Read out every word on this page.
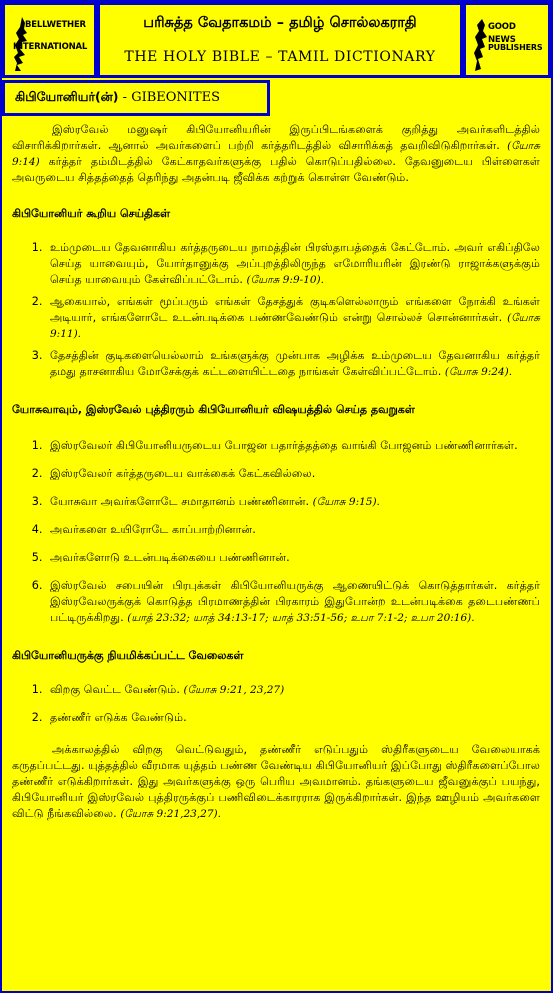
BELLWETHER
INTERNATIONAL
பரிசுத்த வேதாகமம் – தமிழ் சொல்லகராதி
THE HOLY BIBLE – TAMIL DICTIONARY
GOOD NEWS
PUBLISHERS
கிபியோனியர்(ன்) - GIBEONITES

இஸ்ரவேல் மனுஷர் கிபியோனியரின் இருப்பிடங்களைக் குறித்து அவர்களிடத்தில் விசாரிக்கிறார்கள். ஆனால் அவர்களைப் பற்றி கர்த்தரிடத்தில் விசாரிக்கத் தவறிவிடுகிறார்கள். (யோசு 9:14) கர்த்தர் தம்மிடத்தில் கேட்காதவர்களுக்கு பதில் கொடுப்பதில்லை. தேவனுடைய பிள்ளைகள் அவருடைய சித்தத்தைத் தெரிந்து அதன்படி ஜீவிக்க கற்றுக் கொள்ள வேண்டும்.

கிபியோனியர் கூறிய செய்திகள்
1. உம்முடைய தேவனாகிய கர்த்தருடைய நாமத்தின் பிரஸ்தாபத்தைக் கேட்டோம். அவர் எகிப்திலே செய்த யாவையும், யோர்தானுக்கு அப்புறத்திலிருந்த எமோரியரின் இரண்டு ராஜாக்களுக்கும் செய்த யாவையும் கேள்விப்பட்டோம். (யோசு 9:9-10).
2. ஆகையால், எங்கள் மூப்பரும் எங்கள் தேசத்துக் குடிகளெல்லாரும் எங்களை நோக்கி உங்கள் அடியார், எங்களோடே உடன்படிக்கை பண்ணவேண்டும் என்று சொல்லச் சொன்னார்கள். (யோசு 9:11).
3. தேசத்தின் குடிகளையெல்லாம் உங்களுக்கு முன்பாக அழிக்க உம்முடைய தேவனாகிய கர்த்தர் தமது தாசனாகிய மோசேக்குக் கட்டளையிட்டதை நாங்கள் கேள்விப்பட்டோம். (யோசு 9:24).
யோசுவாவும், இஸ்ரவேல் புத்திரரும் கிபியோனியர் விஷயத்தில் செய்த தவறுகள்
1. இஸ்ரவேலர் கிபியோனியருடைய போஜன பதார்த்தத்தை வாங்கி போஜனம் பண்ணினார்கள்.
2. இஸ்ரவேலர் கர்த்தருடைய வாக்கைக் கேட்கவில்லை.
3. யோசுவா அவர்களோடே சமாதானம் பண்ணினான். (யோசு 9:15).
4. அவர்களை உயிரோடே காப்பாற்றினான்.
5. அவர்களோடு உடன்படிக்கையை பண்ணினான்.
6. இஸ்ரவேல் சபையின் பிரபுக்கள் கிபியோனியருக்கு ஆணையிட்டுக் கொடுத்தார்கள். கர்த்தர் இஸ்ரவேலருக்குக் கொடுத்த பிரமாணத்தின் பிரகாரம் இதுபோன்ற உடன்படிக்கை தடைபண்ணப் பட்டிருக்கிறது. (யாத் 23:32; யாத் 34:13-17; யாத் 33:51-56; உபா 7:1-2; உபா 20:16).
கிபியோனியருக்கு நியமிக்கப்பட்ட வேலைகள்
1. விறகு வெட்ட வேண்டும். (யோசு 9:21, 23,27)
2. தண்ணீர் எடுக்க வேண்டும்.

அக்காலத்தில் விறகு வெட்டுவதும், தண்ணீர் எடுப்பதும் ஸ்திரீகளுடைய வேலையாகக் கருதப்பட்டது. யுத்தத்தில் வீரமாக யுத்தம் பண்ண வேண்டிய கிபியோனியர் இப்போது ஸ்திரீகளைப்போல தண்ணீர் எடுக்கிறார்கள். இது அவர்களுக்கு ஒரு பெரிய அவமானம். தங்களுடைய ஜீவனுக்குப் பயந்து, கிபியோனியர் இஸ்ரவேல் புத்திரருக்குப் பணிவிடைக்காரராக இருக்கிறார்கள். இந்த ஊழியம் அவர்களை விட்டு நீங்கவில்லை. (யோசு 9:21,23,27).
